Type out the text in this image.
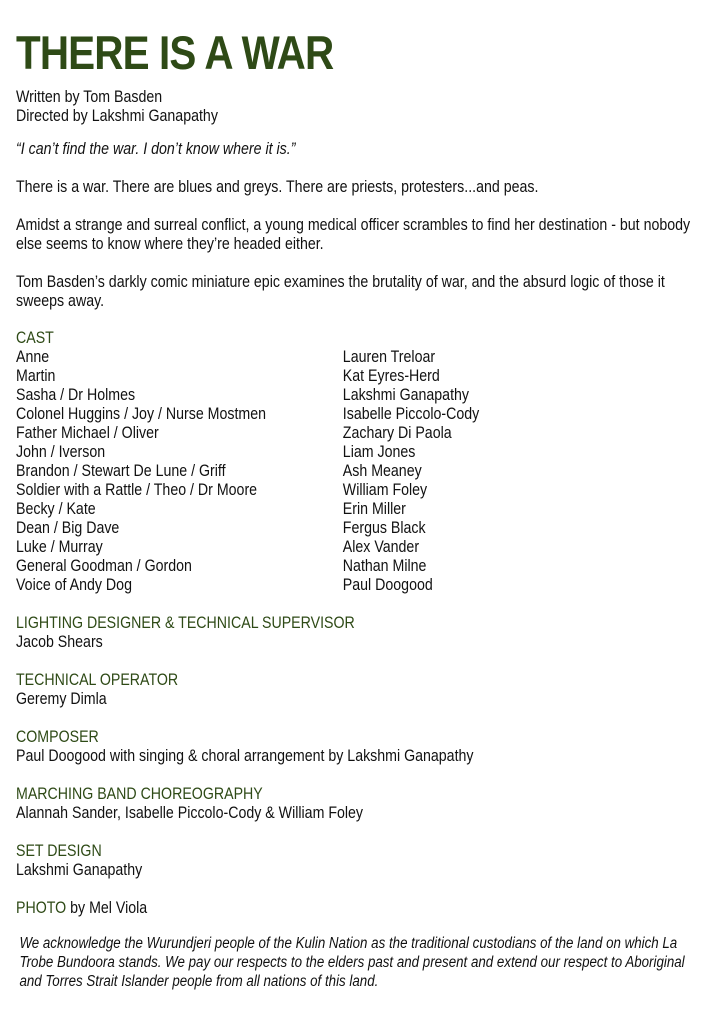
THERE IS A WAR
Written by Tom Basden
Directed by Lakshmi Ganapathy
“I can’t find the war. I don’t know where it is.”
There is a war. There are blues and greys. There are priests, protesters...and peas.
Amidst a strange and surreal conflict, a young medical officer scrambles to find her destination - but nobody else seems to know where they’re headed either.
Tom Basden’s darkly comic miniature epic examines the brutality of war, and the absurd logic of those it sweeps away.
CAST
Anne	Lauren Treloar
Martin	Kat Eyres-Herd
Sasha / Dr Holmes	Lakshmi Ganapathy
Colonel Huggins / Joy / Nurse Mostmen	Isabelle Piccolo-Cody
Father Michael / Oliver	Zachary Di Paola
John / Iverson	Liam Jones
Brandon / Stewart De Lune / Griff	Ash Meaney
Soldier with a Rattle / Theo / Dr Moore	William Foley
Becky / Kate	Erin Miller
Dean / Big Dave	Fergus Black
Luke / Murray	Alex Vander
General Goodman / Gordon	Nathan Milne
Voice of Andy Dog	Paul Doogood
LIGHTING DESIGNER & TECHNICAL SUPERVISOR
Jacob Shears
TECHNICAL OPERATOR
Geremy Dimla
COMPOSER
Paul Doogood with singing & choral arrangement by Lakshmi Ganapathy
MARCHING BAND CHOREOGRAPHY
Alannah Sander, Isabelle Piccolo-Cody & William Foley
SET DESIGN
Lakshmi Ganapathy
PHOTO by Mel Viola
We acknowledge the Wurundjeri people of the Kulin Nation as the traditional custodians of the land on which La Trobe Bundoora stands. We pay our respects to the elders past and present and extend our respect to Aboriginal and Torres Strait Islander people from all nations of this land.
